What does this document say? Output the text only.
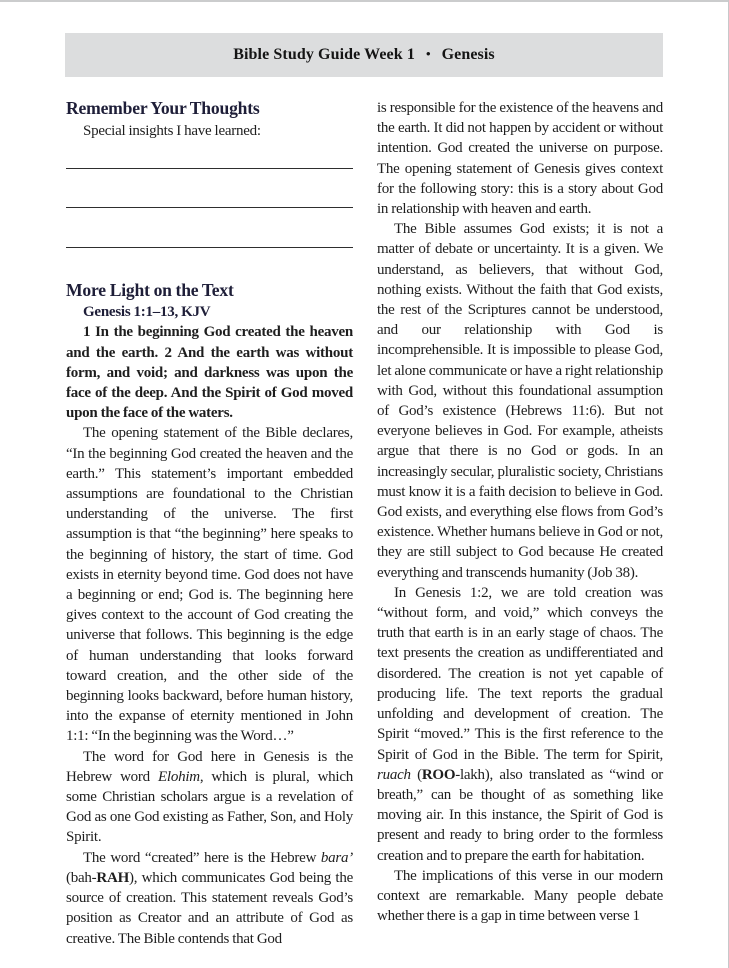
Bible Study Guide Week 1 • Genesis
Remember Your Thoughts

Special insights I have learned:

More Light on the Text

Genesis 1:1–13, KJV

1 In the beginning God created the heaven and the earth. 2 And the earth was without form, and void; and darkness was upon the face of the deep. And the Spirit of God moved upon the face of the waters.

The opening statement of the Bible declares, “In the beginning God created the heaven and the earth.” This statement’s important embedded assumptions are foundational to the Christian understanding of the universe. The first assumption is that “the beginning” here speaks to the beginning of history, the start of time. God exists in eternity beyond time. God does not have a beginning or end; God is. The beginning here gives context to the account of God creating the universe that follows. This beginning is the edge of human understanding that looks forward toward creation, and the other side of the beginning looks backward, before human history, into the expanse of eternity mentioned in John 1:1: “In the beginning was the Word…”

The word for God here in Genesis is the Hebrew word Elohim, which is plural, which some Christian scholars argue is a revelation of God as one God existing as Father, Son, and Holy Spirit.

The word “created” here is the Hebrew bara’ (bah-RAH), which communicates God being the source of creation. This statement reveals God’s position as Creator and an attribute of God as creative. The Bible contends that God

is responsible for the existence of the heavens and the earth. It did not happen by accident or without intention. God created the universe on purpose. The opening statement of Genesis gives context for the following story: this is a story about God in relationship with heaven and earth.

The Bible assumes God exists; it is not a matter of debate or uncertainty. It is a given. We understand, as believers, that without God, nothing exists. Without the faith that God exists, the rest of the Scriptures cannot be understood, and our relationship with God is incomprehensible. It is impossible to please God, let alone communicate or have a right relationship with God, without this foundational assumption of God’s existence (Hebrews 11:6). But not everyone believes in God. For example, atheists argue that there is no God or gods. In an increasingly secular, pluralistic society, Christians must know it is a faith decision to believe in God. God exists, and everything else flows from God’s existence. Whether humans believe in God or not, they are still subject to God because He created everything and transcends humanity (Job 38).

In Genesis 1:2, we are told creation was “without form, and void,” which conveys the truth that earth is in an early stage of chaos. The text presents the creation as undifferentiated and disordered. The creation is not yet capable of producing life. The text reports the gradual unfolding and development of creation. The Spirit “moved.” This is the first reference to the Spirit of God in the Bible. The term for Spirit, ruach (ROO-lakh), also translated as “wind or breath,” can be thought of as something like moving air. In this instance, the Spirit of God is present and ready to bring order to the formless creation and to prepare the earth for habitation.

The implications of this verse in our modern context are remarkable. Many people debate whether there is a gap in time between verse 1
